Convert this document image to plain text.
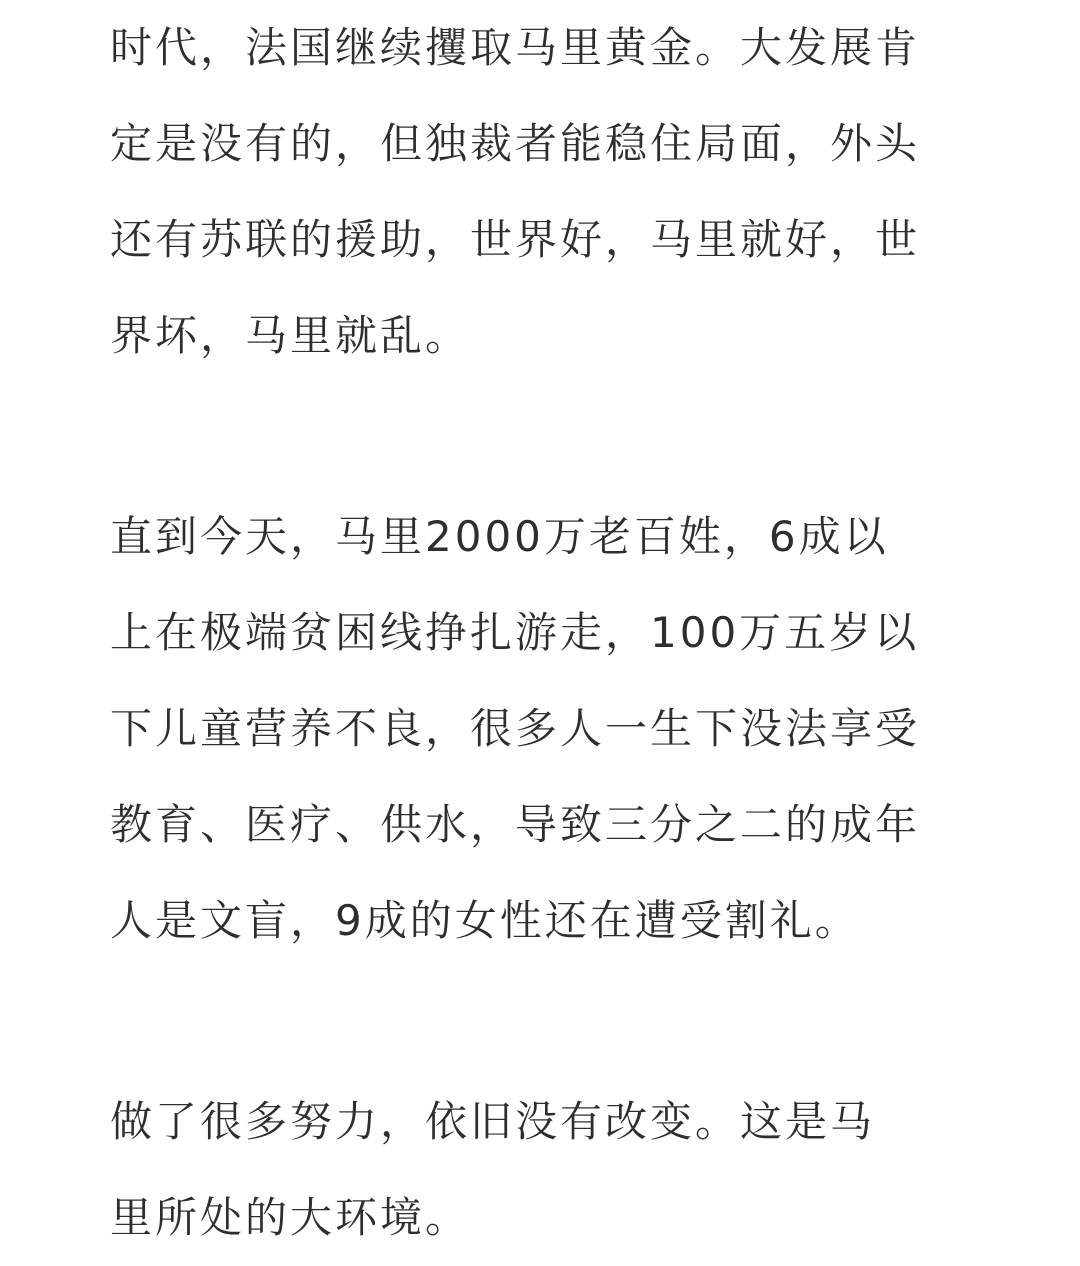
时代，法国继续攫取马里黄金。大发展肯
定是没有的，但独裁者能稳住局面，外头
还有苏联的援助，世界好，马里就好，世
界坏，马里就乱。
直到今天，马里2000万老百姓，6成以
上在极端贫困线挣扎游走，100万五岁以
下儿童营养不良，很多人一生下没法享受
教育、医疗、供水，导致三分之二的成年
人是文盲，9成的女性还在遭受割礼。
做了很多努力，依旧没有改变。这是马
里所处的大环境。
